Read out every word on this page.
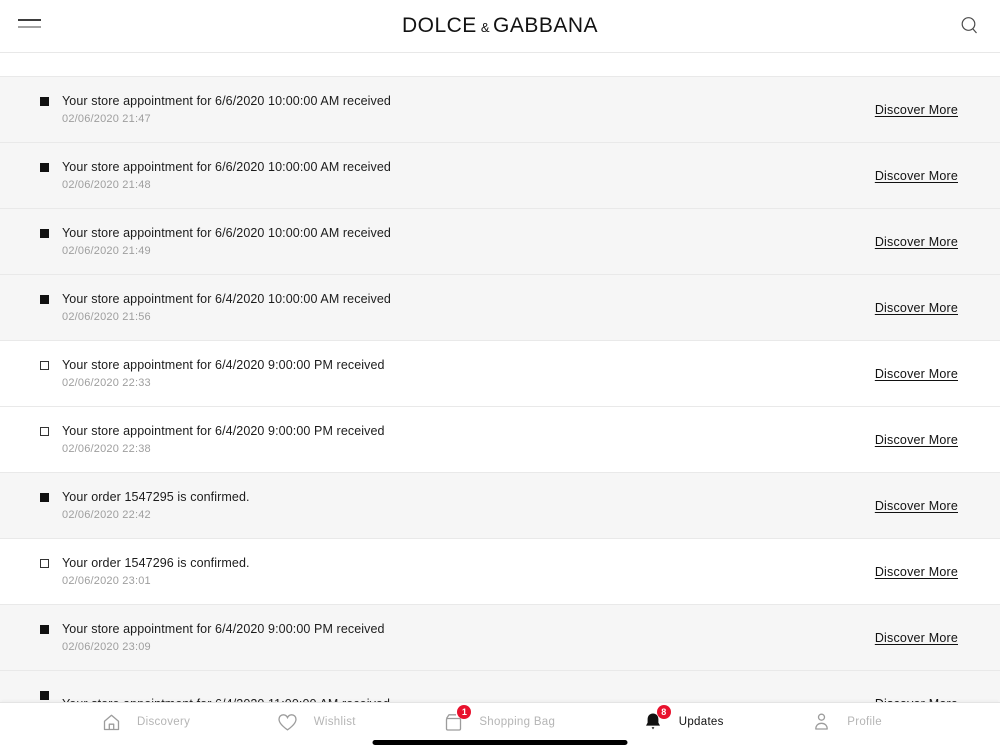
DOLCE & GABBANA
Your store appointment for 6/6/2020 10:00:00 AM received
02/06/2020 21:47
Discover More
Your store appointment for 6/6/2020 10:00:00 AM received
02/06/2020 21:48
Discover More
Your store appointment for 6/6/2020 10:00:00 AM received
02/06/2020 21:49
Discover More
Your store appointment for 6/4/2020 10:00:00 AM received
02/06/2020 21:56
Discover More
Your store appointment for 6/4/2020 9:00:00 PM received
02/06/2020 22:33
Discover More
Your store appointment for 6/4/2020 9:00:00 PM received
02/06/2020 22:38
Discover More
Your order 1547295 is confirmed.
02/06/2020 22:42
Discover More
Your order 1547296 is confirmed.
02/06/2020 23:01
Discover More
Your store appointment for 6/4/2020 9:00:00 PM received
02/06/2020 23:09
Discover More
Discovery	Wishlist
1
Shopping Bag
8
Updates	Profile
